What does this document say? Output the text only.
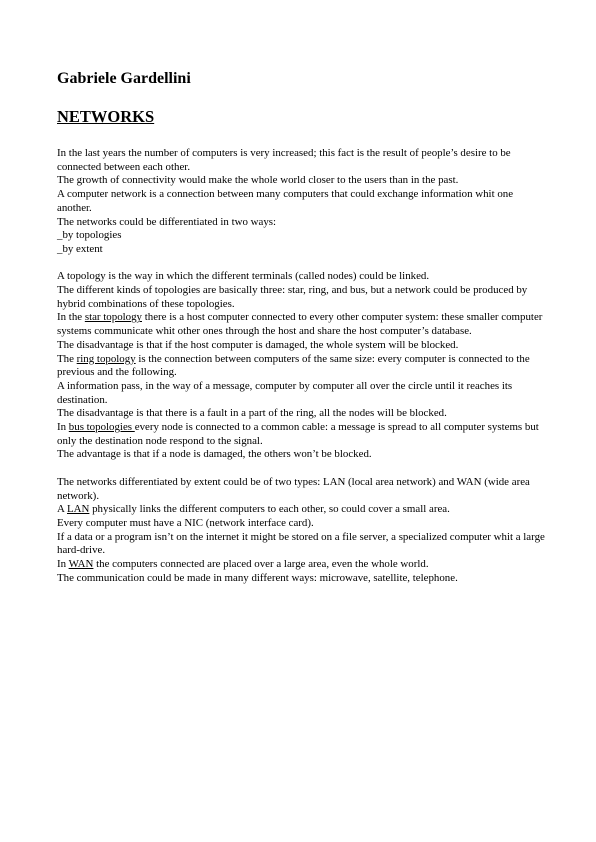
Gabriele Gardellini
NETWORKS

In the last years the number of computers is very increased; this fact is the result of people’s desire to be connected between each other.

The growth of connectivity would make the whole world closer to the users than in the past.

A computer network is a connection between many computers that could exchange information whit one another.

The networks could be differentiated in two ways:

_by topologies

_by extent

A topology is the way in which the different terminals (called nodes) could be linked.

The different kinds of topologies are basically three: star, ring, and bus, but a network could be produced by hybrid combinations of these topologies.

In the star topology there is a host computer connected to every other computer system: these smaller computer systems communicate whit other ones through the host and share the host computer’s database.

The disadvantage is that if the host computer is damaged, the whole system will be blocked.

The ring topology is the connection between computers of the same size: every computer is connected to the previous and the following.

A information pass, in the way of a message, computer by computer all over the circle until it reaches its destination.

The disadvantage is that there is a fault in a part of the ring, all the nodes will be blocked.

In bus topologies every node is connected to a common cable: a message is spread to all computer systems but only the destination node respond to the signal.

The advantage is that if a node is damaged, the others won’t be blocked.

The networks differentiated by extent could be of two types: LAN (local area network) and WAN (wide area network).

A LAN physically links the different computers to each other, so could cover a small area.

Every computer must have a NIC (network interface card).

If a data or a program isn’t on the internet it might be stored on a file server, a specialized computer whit a large hard-drive.

In WAN the computers connected are placed over a large area, even the whole world.

The communication could be made in many different ways: microwave, satellite, telephone.
